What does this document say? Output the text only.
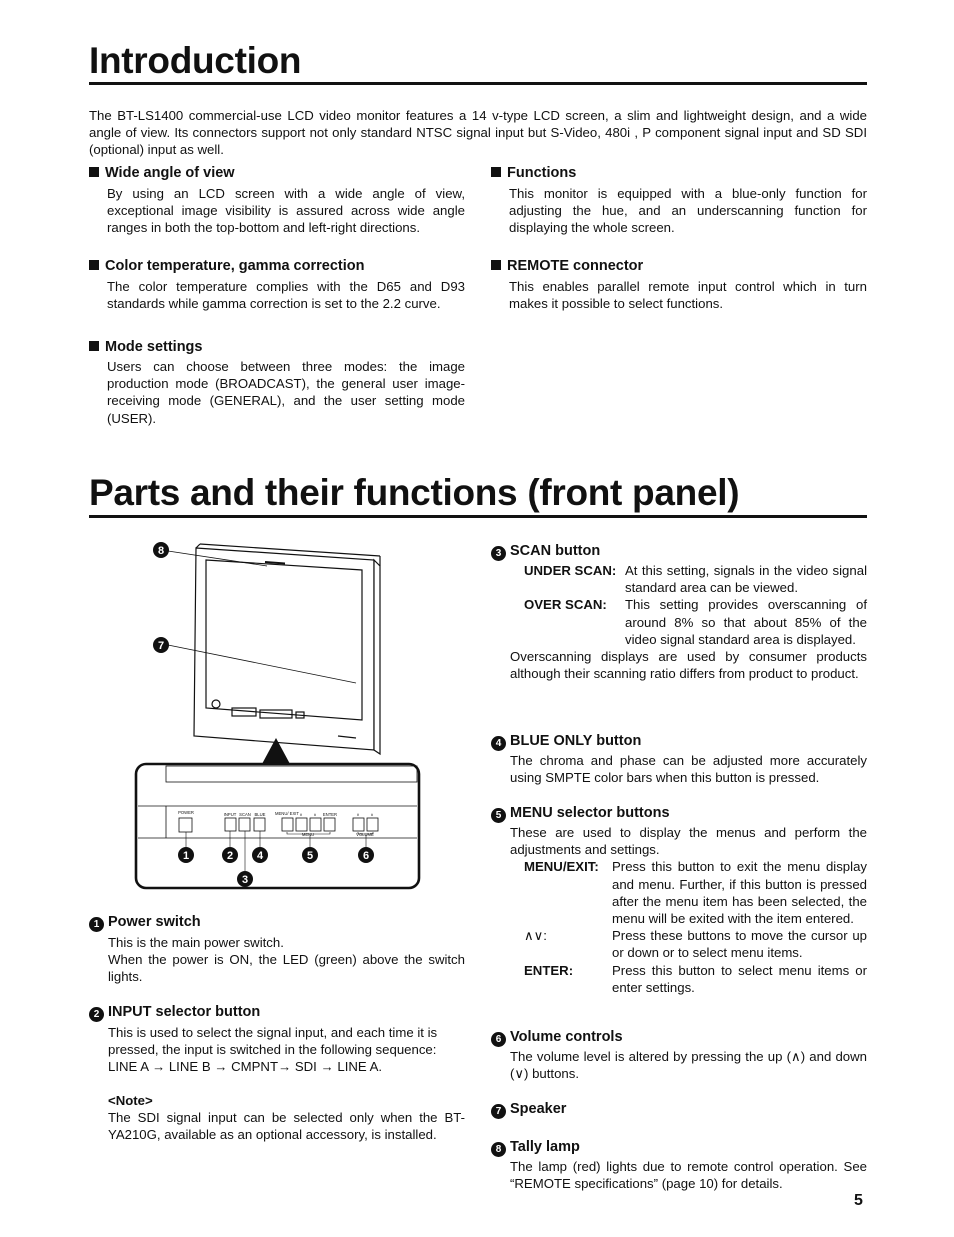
Introduction
The BT-LS1400 commercial-use LCD video monitor features a 14 v-type LCD screen, a slim and lightweight design, and a wide angle of view. Its connectors support not only standard NTSC signal input but S-Video, 480i , P component signal input and SD SDI (optional) input as well.
Wide angle of view
By using an LCD screen with a wide angle of view, exceptional image visibility is assured across wide angle ranges in both the top-bottom and left-right directions.
Color temperature, gamma correction
The color temperature complies with the D65 and D93 standards while gamma correction is set to the 2.2 curve.
Mode settings
Users can choose between three modes: the image production mode (BROADCAST), the general user image-receiving mode (GENERAL), and the user setting mode (USER).
Functions
This monitor is equipped with a blue-only function for adjusting the hue, and an underscanning function for displaying the whole screen.
REMOTE connector
This enables parallel remote input control which in turn makes it possible to select functions.
Parts and their functions (front panel)
8
7
POWER	INPUT SCAN BLUE MENU/ EXIT ∨	∧ ENTER
MENU
∨	∧
VOLUME
1	2 4	5	6
3
1 Power switch
This is the main power switch.
When the power is ON, the LED (green) above the switch lights.
2 INPUT selector button
This is used to select the signal input, and each time it is pressed, the input is switched in the following sequence: LINE A → LINE B → CMPNT→ SDI → LINE A.
<Note>
The SDI signal input can be selected only when the BT-YA210G, available as an optional accessory, is installed.
3 SCAN button
UNDER SCAN: At this setting, signals in the video signal standard area can be viewed.
OVER SCAN:	This setting provides overscanning of around 8% so that about 85% of the video signal standard area is displayed.
Overscanning displays are used by consumer products although their scanning ratio differs from product to product.
4 BLUE ONLY button
The chroma and phase can be adjusted more accurately using SMPTE color bars when this button is pressed.
5 MENU selector buttons
These are used to display the menus and perform the adjustments and settings.
MENU/EXIT:	Press this button to exit the menu display and menu. Further, if this button is pressed after the menu item has been selected, the menu will be exited with the item entered.
∧∨:	Press these buttons to move the cursor up or down or to select menu items.
ENTER:	Press this button to select menu items or enter settings.
6 Volume controls
The volume level is altered by pressing the up (∧) and down (∨) buttons.
7 Speaker
8 Tally lamp
The lamp (red) lights due to remote control operation. See “REMOTE specifications” (page 10) for details.
5
